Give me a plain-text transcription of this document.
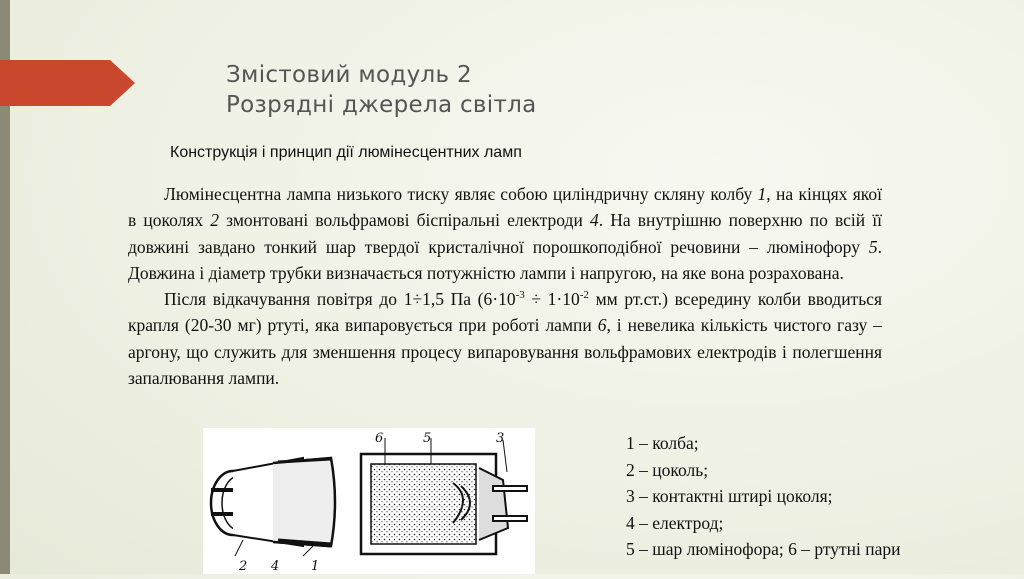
Змістовий модуль 2
Розрядні джерела світла
Конструкція і принцип дії люмінесцентних ламп

Люмінесцентна лампа низького тиску являє собою циліндричну скляну колбу 1, на кінцях якої в цоколях 2 змонтовані вольфрамові біспіральні електроди 4. На внутрішню поверхню по всій її довжині завдано тонкий шар твердої кристалічної порошкоподібної речовини – люмінофору 5. Довжина і діаметр трубки визначається потужністю лампи і напругою, на яке вона розрахована.

Після відкачування повітря до 1÷1,5 Па ($6\cdot 10^{-3} \div 1\cdot 10^{-2}$ мм рт.ст.) всередину колби вводиться крапля (20-30 мг) ртуті, яка випаровується при роботі лампи 6, і невелика кількість чистого газу – аргону, що служить для зменшення процесу випаровування вольфрамових електродів і полегшення запалювання лампи.

6	5	3
2 4 1
1 – колба;
2 – цоколь;
3 – контактні штирі цоколя;
4 – електрод;
5 – шар люмінофора; 6 – ртутні пари
